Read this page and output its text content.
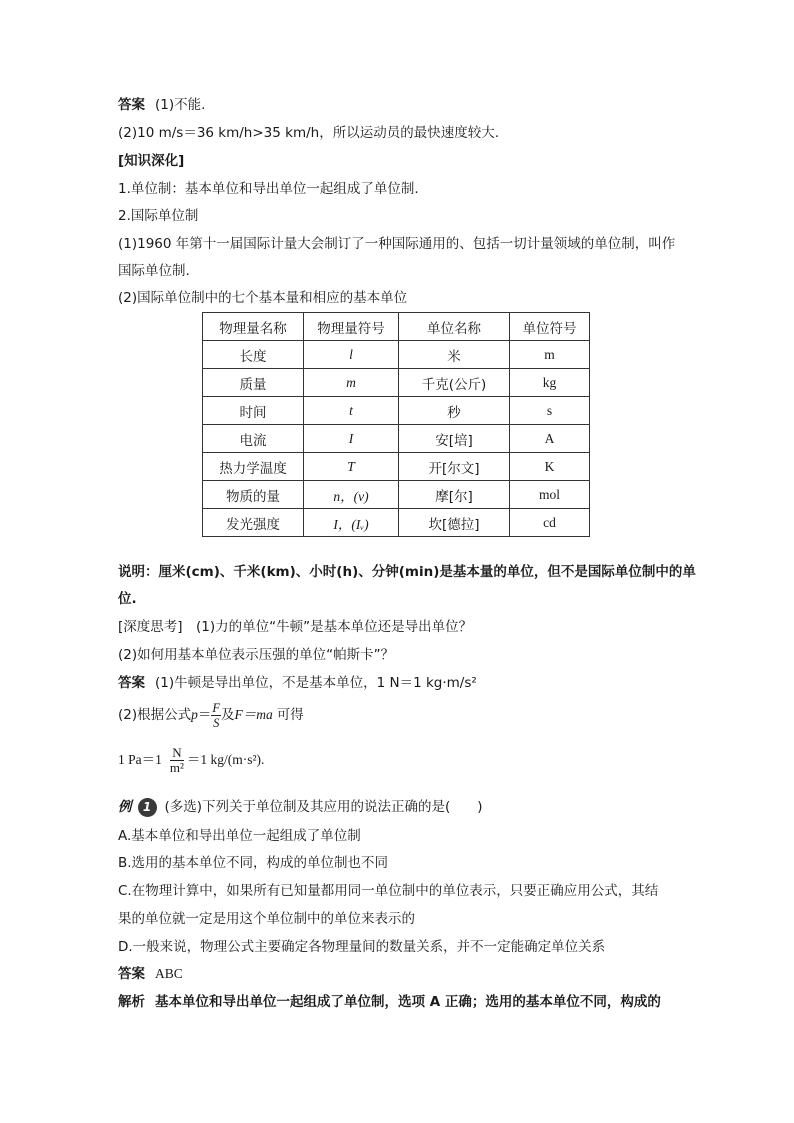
答案 (1)不能.
(2)10 m/s＝36 km/h>35 km/h，所以运动员的最快速度较大.
[知识深化]
1.单位制：基本单位和导出单位一起组成了单位制.
2.国际单位制
(1)1960 年第十一届国际计量大会制订了一种国际通用的、包括一切计量领域的单位制，叫作
国际单位制.
(2)国际单位制中的七个基本量和相应的基本单位
物理量名称	物理量符号	单位名称	单位符号
长度	l	米	m
质量	m	千克(公斤)	kg
时间	t	秒	s
电流	I	安[培]	A
热力学温度	T	开[尔文]	K
物质的量	n，(ν)	摩[尔]	mol
发光强度	I，(Iᵥ)	坎[德拉]	cd
说明：厘米(cm)、千米(km)、小时(h)、分钟(min)是基本量的单位，但不是国际单位制中的单
位.
[深度思考]　(1)力的单位“牛顿”是基本单位还是导出单位？
(2)如何用基本单位表示压强的单位“帕斯卡”？
答案 (1)牛顿是导出单位，不是基本单位，1 N＝1 kg·m/s²
(2)根据公式$p= \frac{F}{S}$ 及F＝ma 可得
1 $Pa=1 \frac{N}{\text{m²}} =1$ kg/(m·s²).
例 1 (多选)下列关于单位制及其应用的说法正确的是(　　)
A.基本单位和导出单位一起组成了单位制
B.选用的基本单位不同，构成的单位制也不同
C.在物理计算中，如果所有已知量都用同一单位制中的单位表示，只要正确应用公式，其结
果的单位就一定是用这个单位制中的单位来表示的
D.一般来说，物理公式主要确定各物理量间的数量关系，并不一定能确定单位关系
答案 ABC
解析 基本单位和导出单位一起组成了单位制，选项 A 正确；选用的基本单位不同，构成的
